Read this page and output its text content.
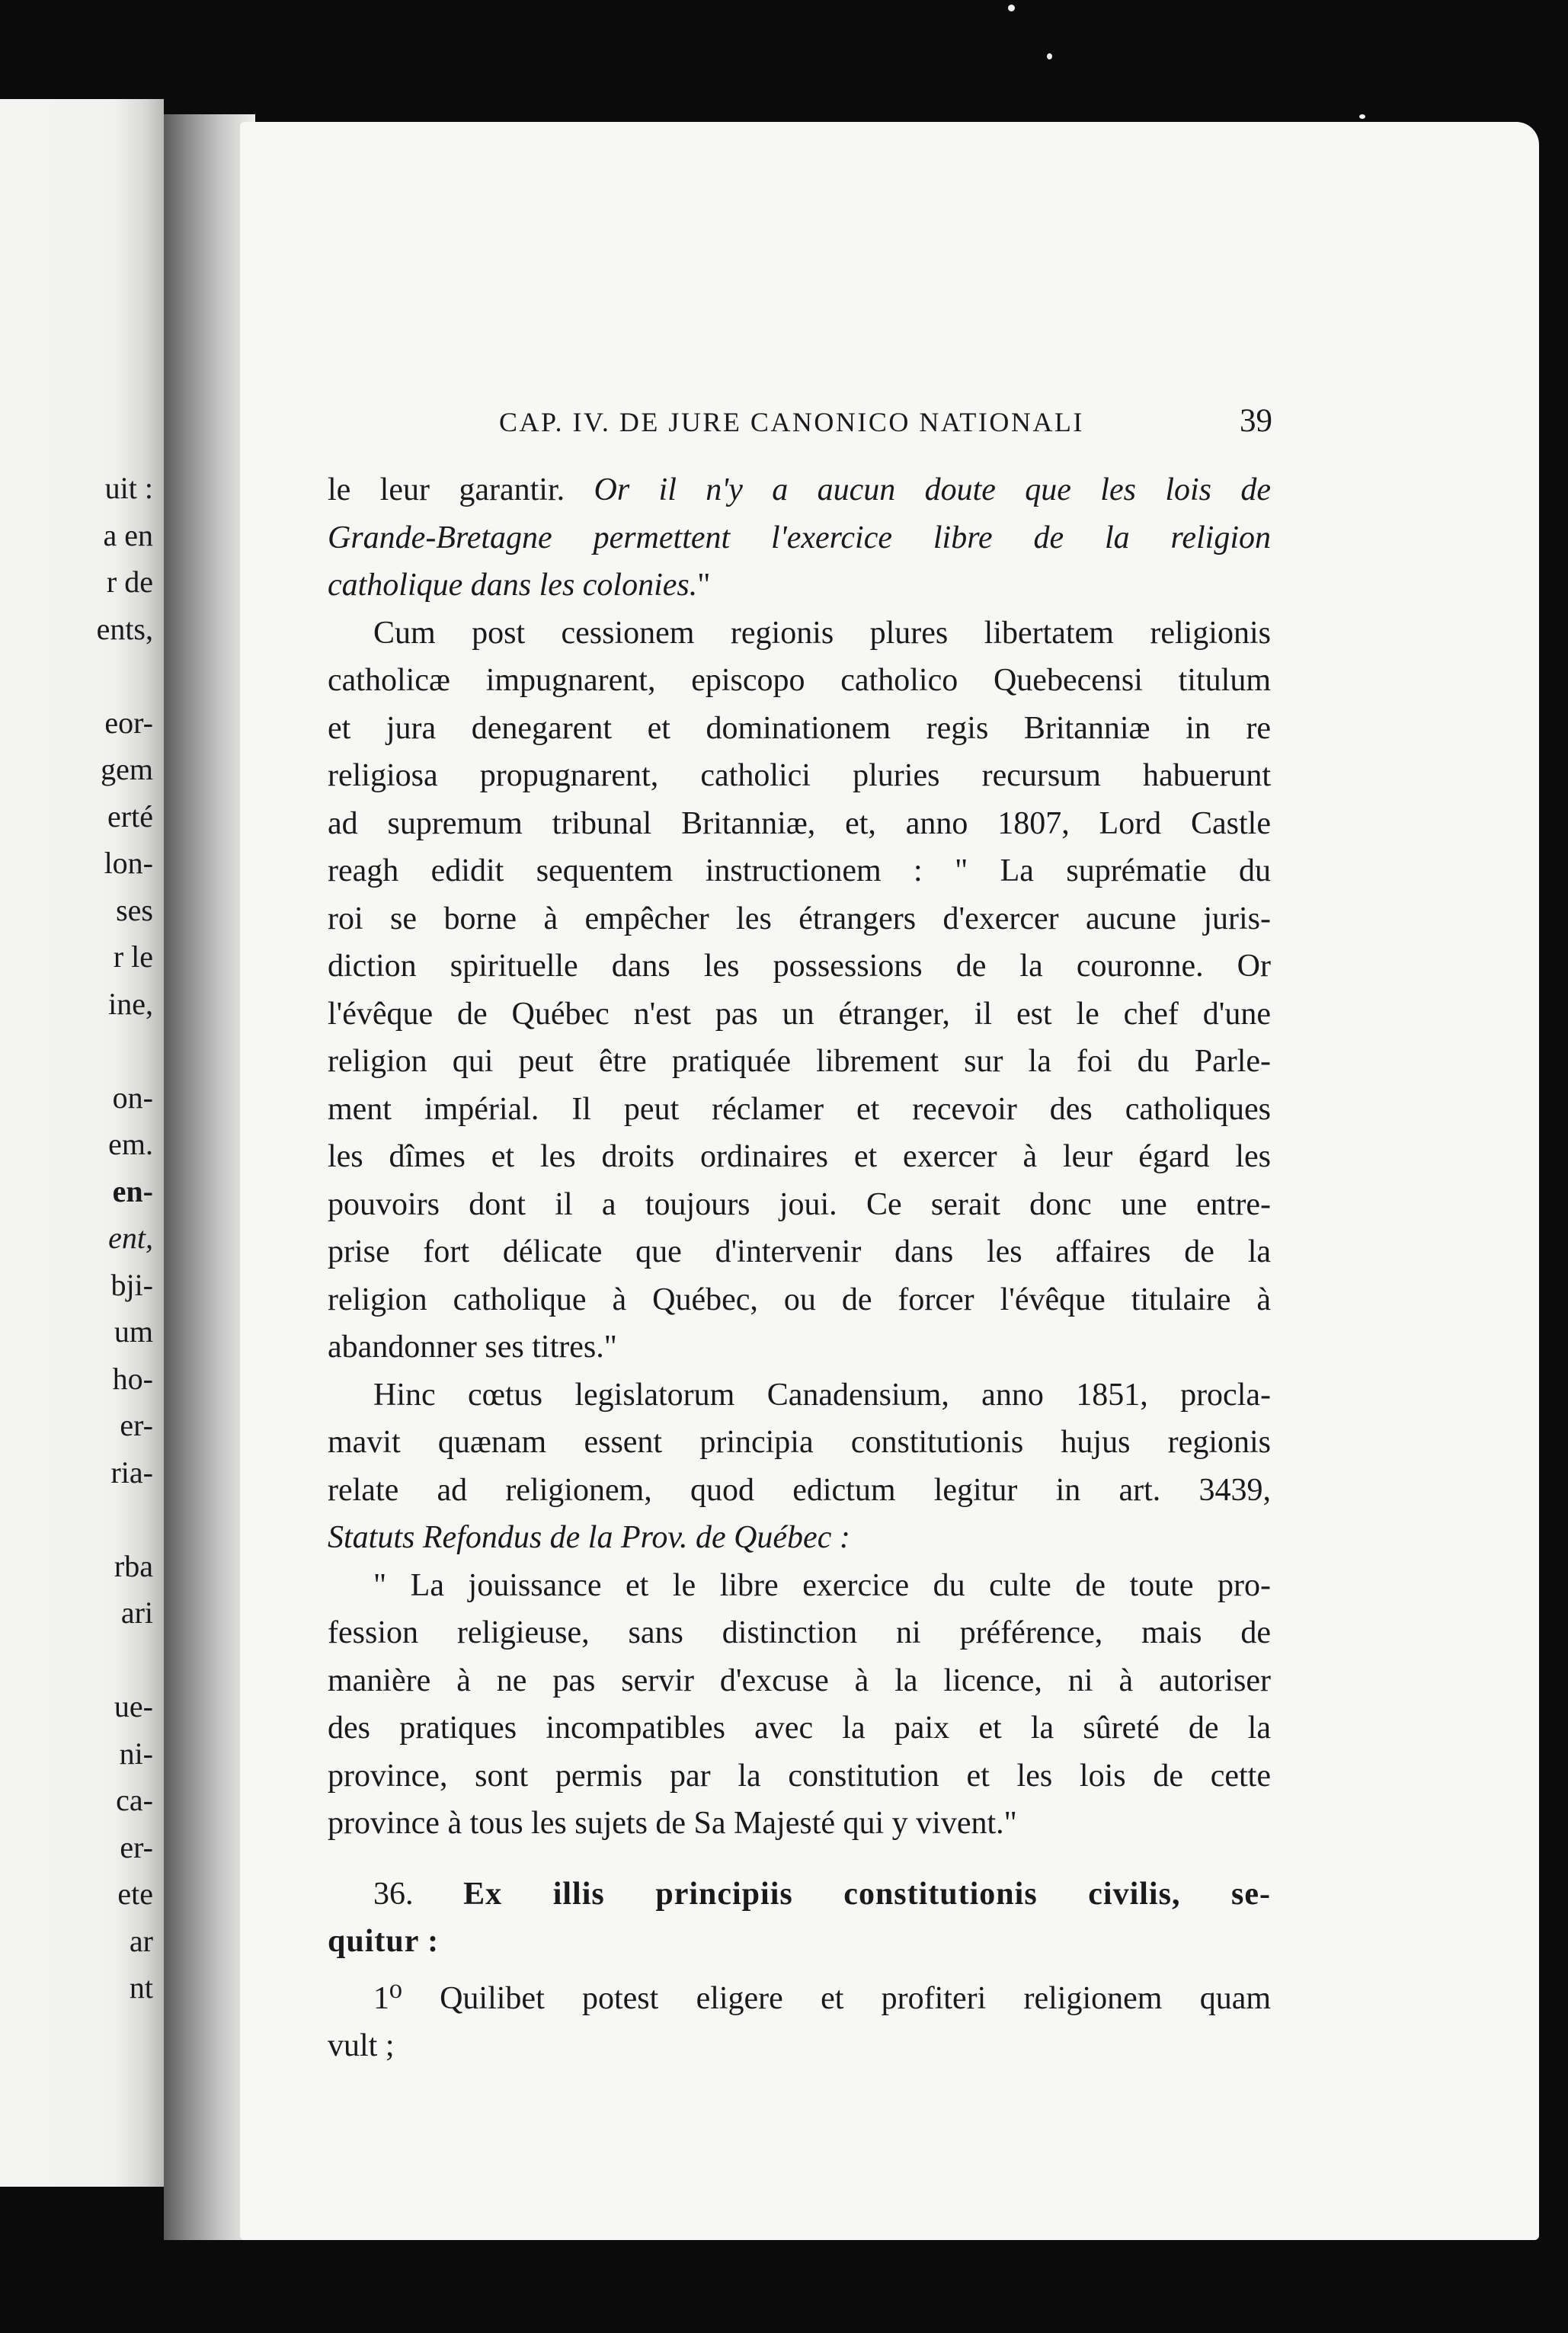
uit :
a en
r de
ents,
eor-
gem
erté
lon-
ses
r le
ine,
on-
em.
en-
ent,
bji-
um
ho-
er-
ria-
rba
ari
ue-
ni-
ca-
er-
ete
ar
nt
CAP. IV. DE JURE CANONICO NATIONALI	39
le leur garantir. Or il n'y a aucun doute que les lois de
Grande-Bretagne permettent l'exercice libre de la religion
catholique dans les colonies."
Cum post cessionem regionis plures libertatem religionis
catholicæ impugnarent, episcopo catholico Quebecensi titulum
et jura denegarent et dominationem regis Britanniæ in re
religiosa propugnarent, catholici pluries recursum habuerunt
ad supremum tribunal Britanniæ, et, anno 1807, Lord Castle
reagh edidit sequentem instructionem : " La suprématie du
roi se borne à empêcher les étrangers d'exercer aucune juris-
diction spirituelle dans les possessions de la couronne. Or
l'évêque de Québec n'est pas un étranger, il est le chef d'une
religion qui peut être pratiquée librement sur la foi du Parle-
ment impérial. Il peut réclamer et recevoir des catholiques
les dîmes et les droits ordinaires et exercer à leur égard les
pouvoirs dont il a toujours joui. Ce serait donc une entre-
prise fort délicate que d'intervenir dans les affaires de la
religion catholique à Québec, ou de forcer l'évêque titulaire à
abandonner ses titres."
Hinc cœtus legislatorum Canadensium, anno 1851, procla-
mavit quænam essent principia constitutionis hujus regionis
relate ad religionem, quod edictum legitur in art. 3439,
Statuts Refondus de la Prov. de Québec :
" La jouissance et le libre exercice du culte de toute pro-
fession religieuse, sans distinction ni préférence, mais de
manière à ne pas servir d'excuse à la licence, ni à autoriser
des pratiques incompatibles avec la paix et la sûreté de la
province, sont permis par la constitution et les lois de cette
province à tous les sujets de Sa Majesté qui y vivent."
36. Ex illis principiis constitutionis civilis, se-
quitur :
1⁰ Quilibet potest eligere et profiteri religionem quam
vult ;
